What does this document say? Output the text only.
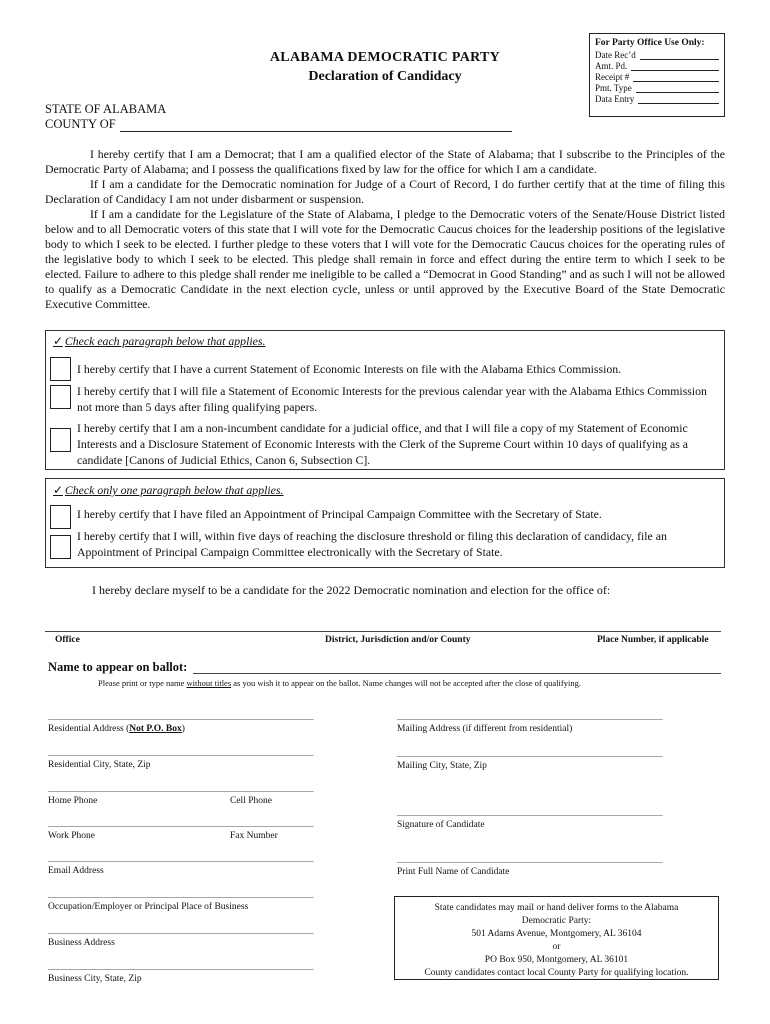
ALABAMA DEMOCRATIC PARTY
Declaration of Candidacy
For Party Office Use Only:
Date Rec’d
Amt. Pd.
Receipt #
Pmt. Type
Data Entry
STATE OF ALABAMA
COUNTY OF

I hereby certify that I am a Democrat; that I am a qualified elector of the State of Alabama; that I subscribe to the Principles of the Democratic Party of Alabama; and I possess the qualifications fixed by law for the office for which I am a candidate.

If I am a candidate for the Democratic nomination for Judge of a Court of Record, I do further certify that at the time of filing this Declaration of Candidacy I am not under disbarment or suspension.

If I am a candidate for the Legislature of the State of Alabama, I pledge to the Democratic voters of the Senate/House District listed below and to all Democratic voters of this state that I will vote for the Democratic Caucus choices for the leadership positions of the legislative body to which I seek to be elected. I further pledge to these voters that I will vote for the Democratic Caucus choices for the operating rules of the legislative body to which I seek to be elected. This pledge shall remain in force and effect during the entire term to which I seek to be elected. Failure to adhere to this pledge shall render me ineligible to be called a “Democrat in Good Standing” and as such I will not be allowed to qualify as a Democratic Candidate in the next election cycle, unless or until approved by the Executive Board of the State Democratic Executive Committee.

✓ Check each paragraph below that applies.
I hereby certify that I have a current Statement of Economic Interests on file with the Alabama Ethics Commission.
I hereby certify that I will file a Statement of Economic Interests for the previous calendar year with the Alabama Ethics Commission not more than 5 days after filing qualifying papers.
I hereby certify that I am a non-incumbent candidate for a judicial office, and that I will file a copy of my Statement of Economic Interests and a Disclosure Statement of Economic Interests with the Clerk of the Supreme Court within 10 days of qualifying as a candidate [Canons of Judicial Ethics, Canon 6, Subsection C].
✓ Check only one paragraph below that applies.
I hereby certify that I have filed an Appointment of Principal Campaign Committee with the Secretary of State.
I hereby certify that I will, within five days of reaching the disclosure threshold or filing this declaration of candidacy, file an Appointment of Principal Campaign Committee electronically with the Secretary of State.
I hereby declare myself to be a candidate for the 2022 Democratic nomination and election for the office of:
Office	District, Jurisdiction and/or County	Place Number, if applicable
Name to appear on ballot:
Please print or type name without titles as you wish it to appear on the ballot. Name changes will not be accepted after the close of qualifying.
___________________________________________________________
Residential Address (Not P.O. Box)
___________________________________________________________
Residential City, State, Zip
___________________________________________________________
Home Phone	Cell Phone
___________________________________________________________
Work Phone	Fax Number
___________________________________________________________
Email Address
___________________________________________________________
Occupation/Employer or Principal Place of Business
___________________________________________________________
Business Address
___________________________________________________________
Business City, State, Zip
___________________________________________________________
Mailing Address (if different from residential)
___________________________________________________________
Mailing City, State, Zip
___________________________________________________________
Signature of Candidate
___________________________________________________________
Print Full Name of Candidate
State candidates may mail or hand deliver forms to the Alabama
Democratic Party:
501 Adams Avenue, Montgomery, AL 36104
or
PO Box 950, Montgomery, AL 36101
County candidates contact local County Party for qualifying location.
